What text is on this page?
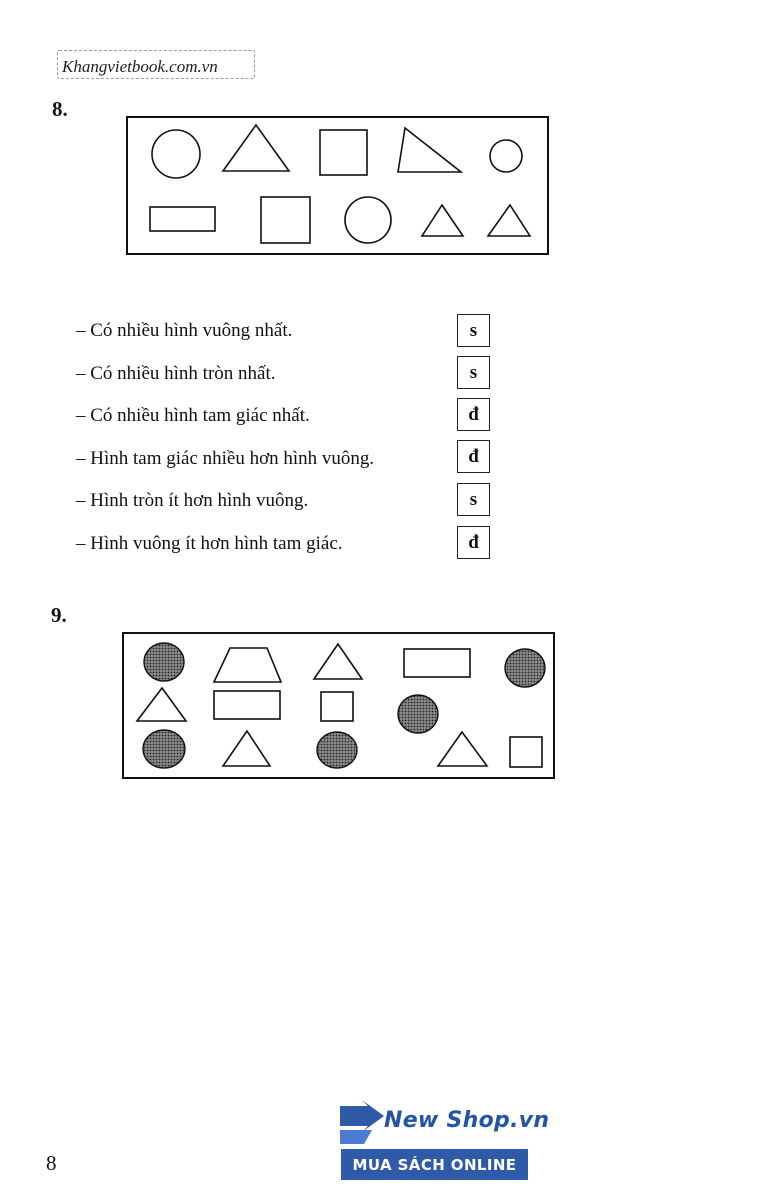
Khangvietbook.com.vn
8.
– Có nhiều hình vuông nhất.	s
– Có nhiều hình tròn nhất.	s
– Có nhiều hình tam giác nhất.	đ
– Hình tam giác nhiều hơn hình vuông.	đ
– Hình tròn ít hơn hình vuông.	s
– Hình vuông ít hơn hình tam giác.	đ
9.
8
New Shop.vn
MUA SÁCH ONLINE
